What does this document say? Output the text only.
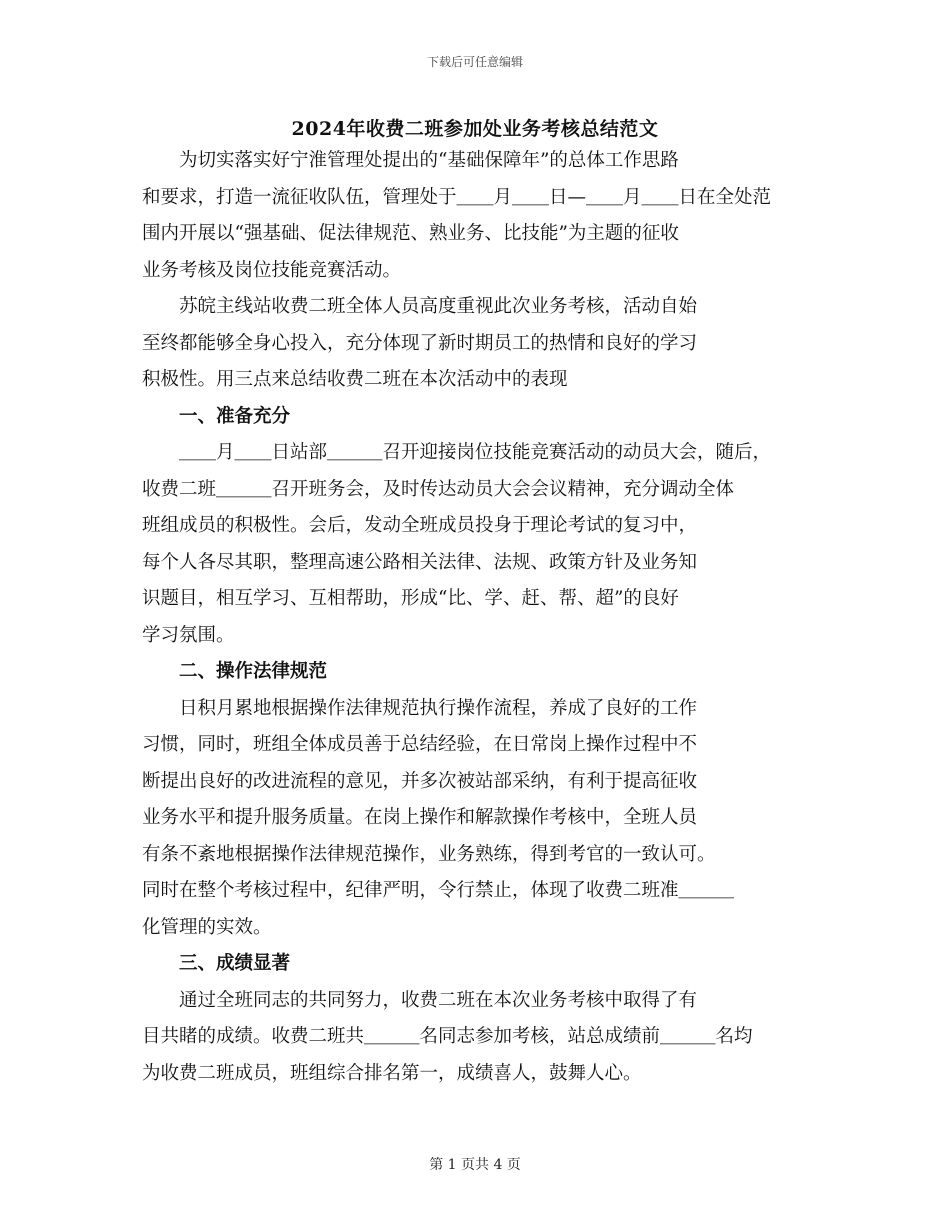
下载后可任意编辑
2024年收费二班参加处业务考核总结范文
　　为切实落实好宁淮管理处提出的“基础保障年”的总体工作思路
和要求，打造一流征收队伍，管理处于＿＿月＿＿日—＿＿月＿＿日在全处范
围内开展以“强基础、促法律规范、熟业务、比技能”为主题的征收
业务考核及岗位技能竞赛活动。
　　苏皖主线站收费二班全体人员高度重视此次业务考核，活动自始
至终都能够全身心投入，充分体现了新时期员工的热情和良好的学习
积极性。用三点来总结收费二班在本次活动中的表现
　　一、准备充分
　　＿＿月＿＿日站部＿＿＿召开迎接岗位技能竞赛活动的动员大会，随后，
收费二班＿＿＿召开班务会，及时传达动员大会会议精神，充分调动全体
班组成员的积极性。会后，发动全班成员投身于理论考试的复习中，
每个人各尽其职，整理高速公路相关法律、法规、政策方针及业务知
识题目，相互学习、互相帮助，形成“比、学、赶、帮、超”的良好
学习氛围。
　　二、操作法律规范
　　日积月累地根据操作法律规范执行操作流程，养成了良好的工作
习惯，同时，班组全体成员善于总结经验，在日常岗上操作过程中不
断提出良好的改进流程的意见，并多次被站部采纳，有利于提高征收
业务水平和提升服务质量。在岗上操作和解款操作考核中，全班人员
有条不紊地根据操作法律规范操作，业务熟练，得到考官的一致认可。
同时在整个考核过程中，纪律严明，令行禁止，体现了收费二班准＿＿＿
化管理的实效。
　　三、成绩显著
　　通过全班同志的共同努力，收费二班在本次业务考核中取得了有
目共睹的成绩。收费二班共＿＿＿名同志参加考核，站总成绩前＿＿＿名均
为收费二班成员，班组综合排名第一，成绩喜人，鼓舞人心。
第 1 页共 4 页
